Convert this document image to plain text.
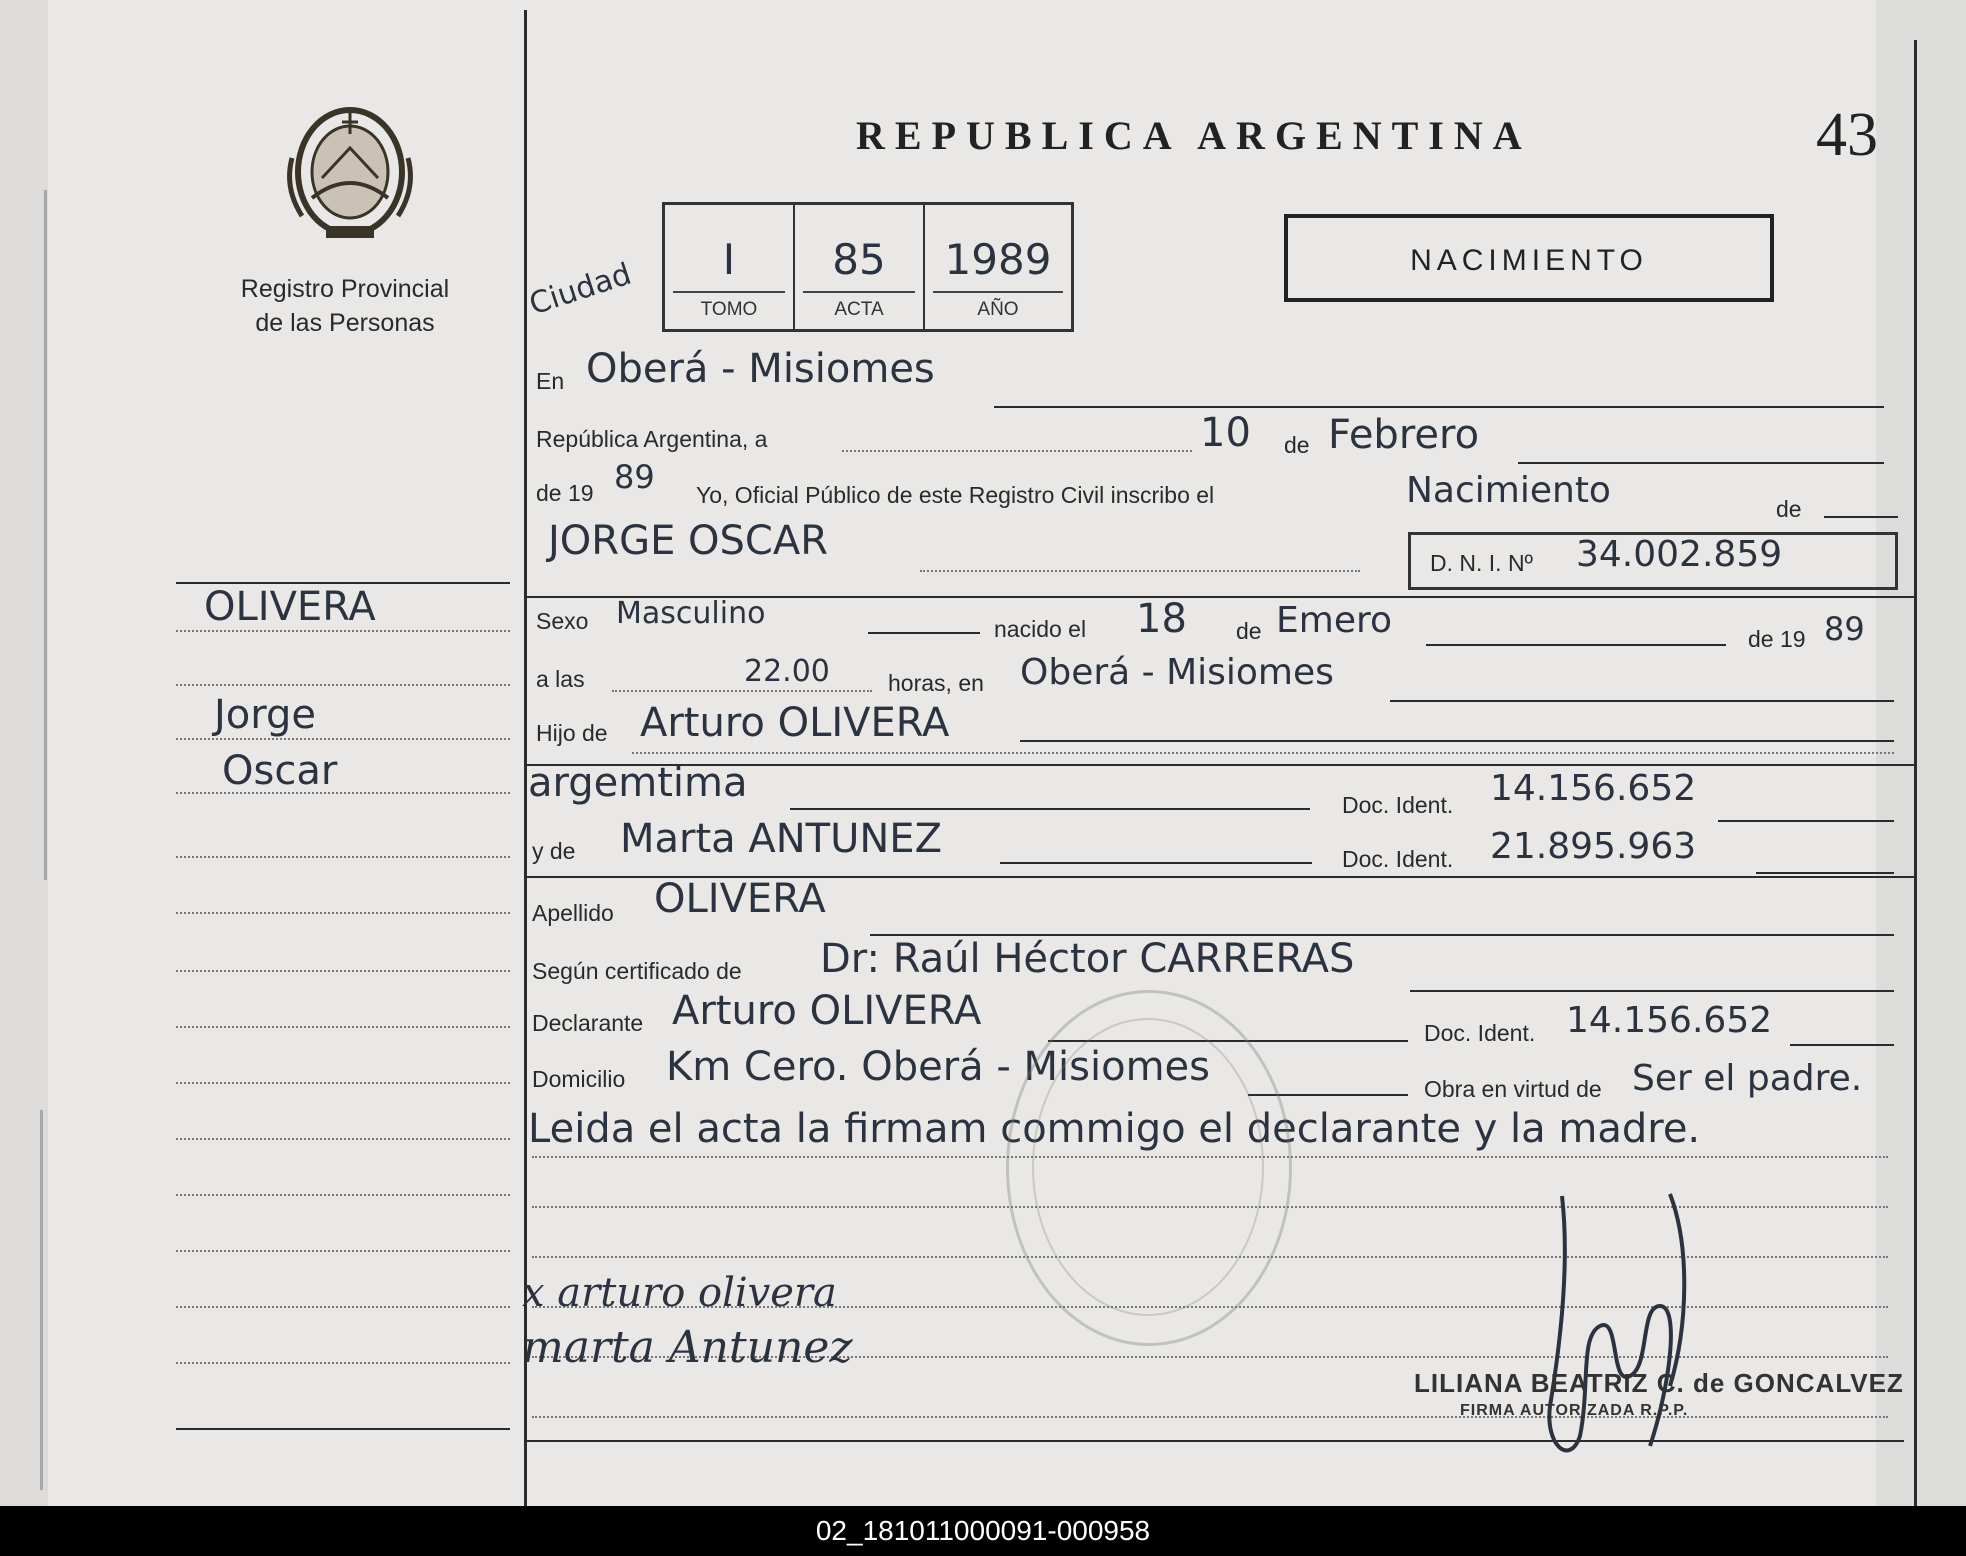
Registro Provincial
de las Personas
REPUBLICA ARGENTINA	43
NACIMIENTO
Ciudad	I
TOMO
85
ACTA
1989
AÑO
En Oberá - Misiomes
República Argentina, a	10 de Febrero
de 19 89 Yo, Oficial Público de este Registro Civil inscribo el	Nacimiento	de
JORGE OSCAR	D. N. I. Nº 34.002.859
Sexo Masculino	nacido el 18 de Emero	de 19 89
a las	22.00	horas, en Oberá - Misiomes
Hijo de Arturo OLIVERA
argemtima	Doc. Ident. 14.156.652
y de Marta ANTUNEZ	Doc. Ident. 21.895.963
Apellido OLIVERA
Según certificado de Dr: Raúl Héctor CARRERAS
Declarante Arturo OLIVERA	Doc. Ident. 14.156.652
Domicilio Km Cero. Oberá - Misiomes	Obra en virtud de Ser el padre.
Leida el acta la firmam commigo el declarante y la madre.
x arturo olivera
marta Antunez
LILIANA BEATRIZ C. de GONCALVEZ
FIRMA AUTORIZADA R.P.P.
OLIVERA
Jorge
Oscar
02_181011000091-000958
